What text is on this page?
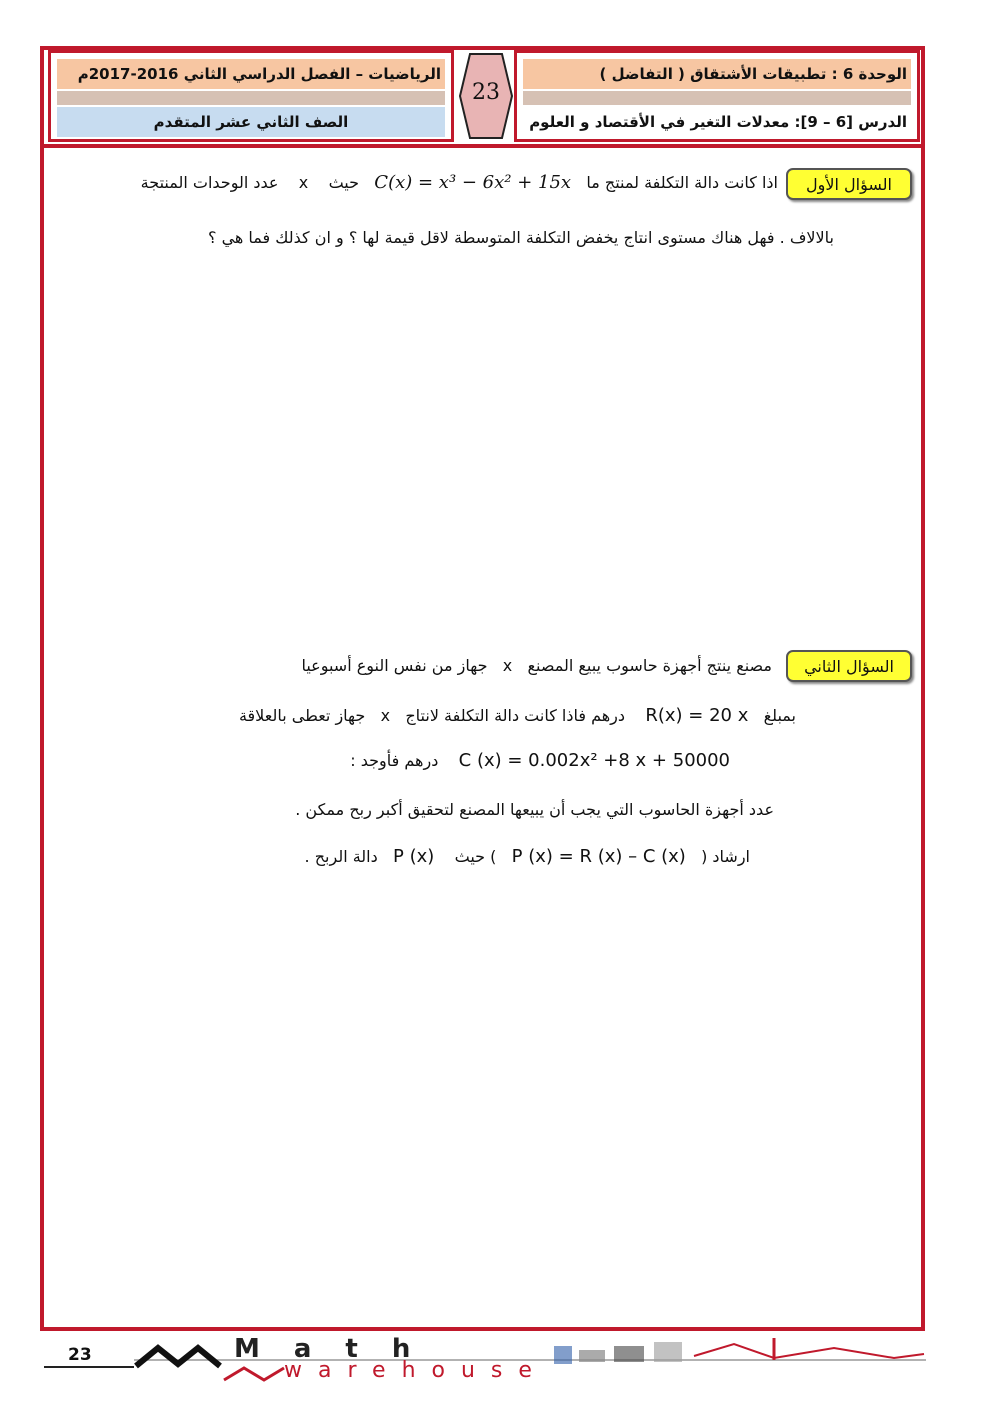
الرياضيات – الفصل الدراسي الثاني 2016-2017م
الصف الثاني عشر المتقدم
23
الوحدة 6 : تطبيقات الأشتقاق ( التفاضل )
الدرس [6 – 9]: معدلات التغير في الأقتصاد و العلوم
السؤال الأول
اذا كانت دالة التكلفة لمنتج ما   C(x) = x³ − 6x² + 15x   حيث    x    عدد الوحدات المنتجة
بالالاف . فهل هناك مستوى انتاج يخفض التكلفة المتوسطة لاقل قيمة لها ؟ و ان كذلك فما هي ؟
السؤال الثاني
مصنع ينتج أجهزة حاسوب يبيع المصنع   x   جهاز من نفس النوع أسبوعيا
بمبلغ   R(x) = 20 x    درهم فاذا كانت دالة التكلفة لانتاج   x   جهاز تعطى بالعلاقة
C (x) = 0.002x² +8 x + 50000    درهم فأوجد :
عدد أجهزة الحاسوب التي يجب أن يبيعها المصنع لتحقيق أكبر ربح ممكن .
ارشاد (   P (x) = R (x) – C (x)   ) حيث    P (x)   دالة الربح .
23	Math
warehouse
